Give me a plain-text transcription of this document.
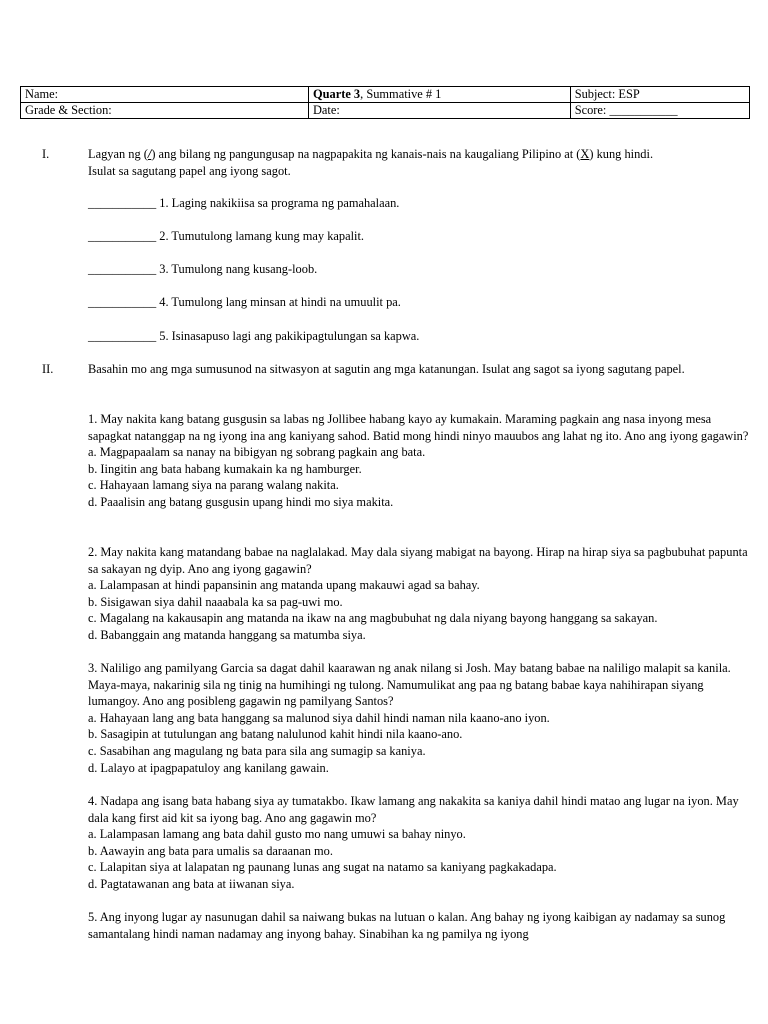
Name:	Quarte 3, Summative # 1	Subject: ESP
Grade & Section:	Date:	Score: ___________
I.	Lagyan ng (/) ang bilang ng pangungusap na nagpapakita ng kanais-nais na kaugaliang Pilipino at (X) kung hindi.

Isulat sa sagutang papel ang iyong sagot.

___________ 1. Laging nakikiisa sa programa ng pamahalaan.
___________ 2. Tumutulong lamang kung may kapalit.
___________ 3. Tumulong nang kusang-loob.
___________ 4. Tumulong lang minsan at hindi na umuulit pa.
___________ 5. Isinasapuso lagi ang pakikipagtulungan sa kapwa.
II.	Basahin mo ang mga sumusunod na sitwasyon at sagutin ang mga katanungan. Isulat ang sagot sa iyong sagutang papel.

1. May nakita kang batang gusgusin sa labas ng Jollibee habang kayo ay kumakain. Maraming pagkain ang nasa inyong mesa sapagkat natanggap na ng iyong ina ang kaniyang sahod. Batid mong hindi ninyo mauubos ang lahat ng ito. Ano ang iyong gagawin?

a. Magpapaalam sa nanay na bibigyan ng sobrang pagkain ang bata.

b. Iingitin ang bata habang kumakain ka ng hamburger.

c. Hahayaan lamang siya na parang walang nakita.

d. Paaalisin ang batang gusgusin upang hindi mo siya makita.

2. May nakita kang matandang babae na naglalakad. May dala siyang mabigat na bayong. Hirap na hirap siya sa pagbubuhat papunta sa sakayan ng dyip. Ano ang iyong gagawin?

a. Lalampasan at hindi papansinin ang matanda upang makauwi agad sa bahay.

b. Sisigawan siya dahil naaabala ka sa pag-uwi mo.

c. Magalang na kakausapin ang matanda na ikaw na ang magbubuhat ng dala niyang bayong hanggang sa sakayan.

d. Babanggain ang matanda hanggang sa matumba siya.

3. Naliligo ang pamilyang Garcia sa dagat dahil kaarawan ng anak nilang si Josh. May batang babae na naliligo malapit sa kanila. Maya-maya, nakarinig sila ng tinig na humihingi ng tulong. Namumulikat ang paa ng batang babae kaya nahihirapan siyang lumangoy. Ano ang posibleng gagawin ng pamilyang Santos?

a. Hahayaan lang ang bata hanggang sa malunod siya dahil hindi naman nila kaano-ano iyon.

b. Sasagipin at tutulungan ang batang nalulunod kahit hindi nila kaano-ano.

c. Sasabihan ang magulang ng bata para sila ang sumagip sa kaniya.

d. Lalayo at ipagpapatuloy ang kanilang gawain.

4. Nadapa ang isang bata habang siya ay tumatakbo. Ikaw lamang ang nakakita sa kaniya dahil hindi matao ang lugar na iyon. May dala kang first aid kit sa iyong bag. Ano ang gagawin mo?

a. Lalampasan lamang ang bata dahil gusto mo nang umuwi sa bahay ninyo.

b. Aawayin ang bata para umalis sa daraanan mo.

c. Lalapitan siya at lalapatan ng paunang lunas ang sugat na natamo sa kaniyang pagkakadapa.

d. Pagtatawanan ang bata at iiwanan siya.

5. Ang inyong lugar ay nasunugan dahil sa naiwang bukas na lutuan o kalan. Ang bahay ng iyong kaibigan ay nadamay sa sunog samantalang hindi naman nadamay ang inyong bahay. Sinabihan ka ng pamilya ng iyong
